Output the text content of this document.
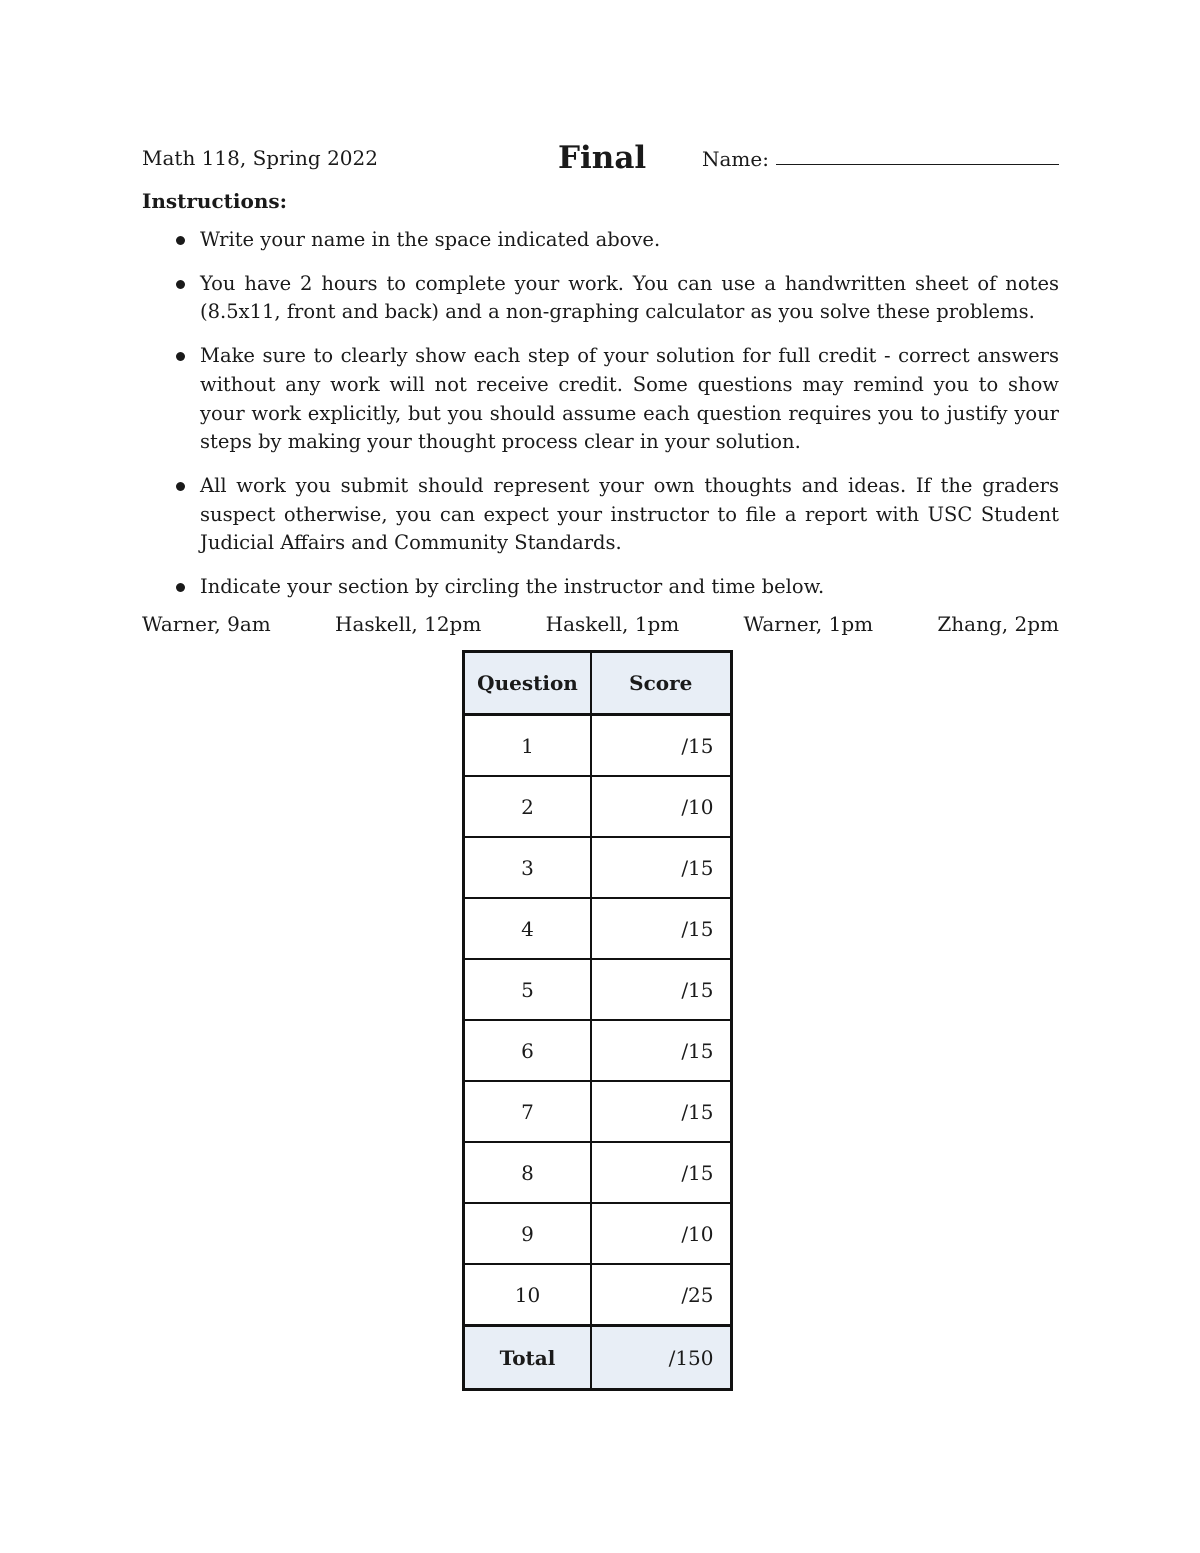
Math 118, Spring 2022	Final	Name:
Instructions:
Write your name in the space indicated above.
You have 2 hours to complete your work. You can use a handwritten sheet of notes (8.5x11, front and back) and a non-graphing calculator as you solve these problems.
Make sure to clearly show each step of your solution for full credit - correct answers without any work will not receive credit. Some questions may remind you to show your work explicitly, but you should assume each question requires you to justify your steps by making your thought process clear in your solution.
All work you submit should represent your own thoughts and ideas. If the graders suspect otherwise, you can expect your instructor to file a report with USC Student Judicial Affairs and Community Standards.
Indicate your section by circling the instructor and time below.
Warner, 9am	Haskell, 12pm	Haskell, 1pm	Warner, 1pm	Zhang, 2pm
Question	Score
1	/15
2	/10
3	/15
4	/15
5	/15
6	/15
7	/15
8	/15
9	/10
10	/25
Total	/150
